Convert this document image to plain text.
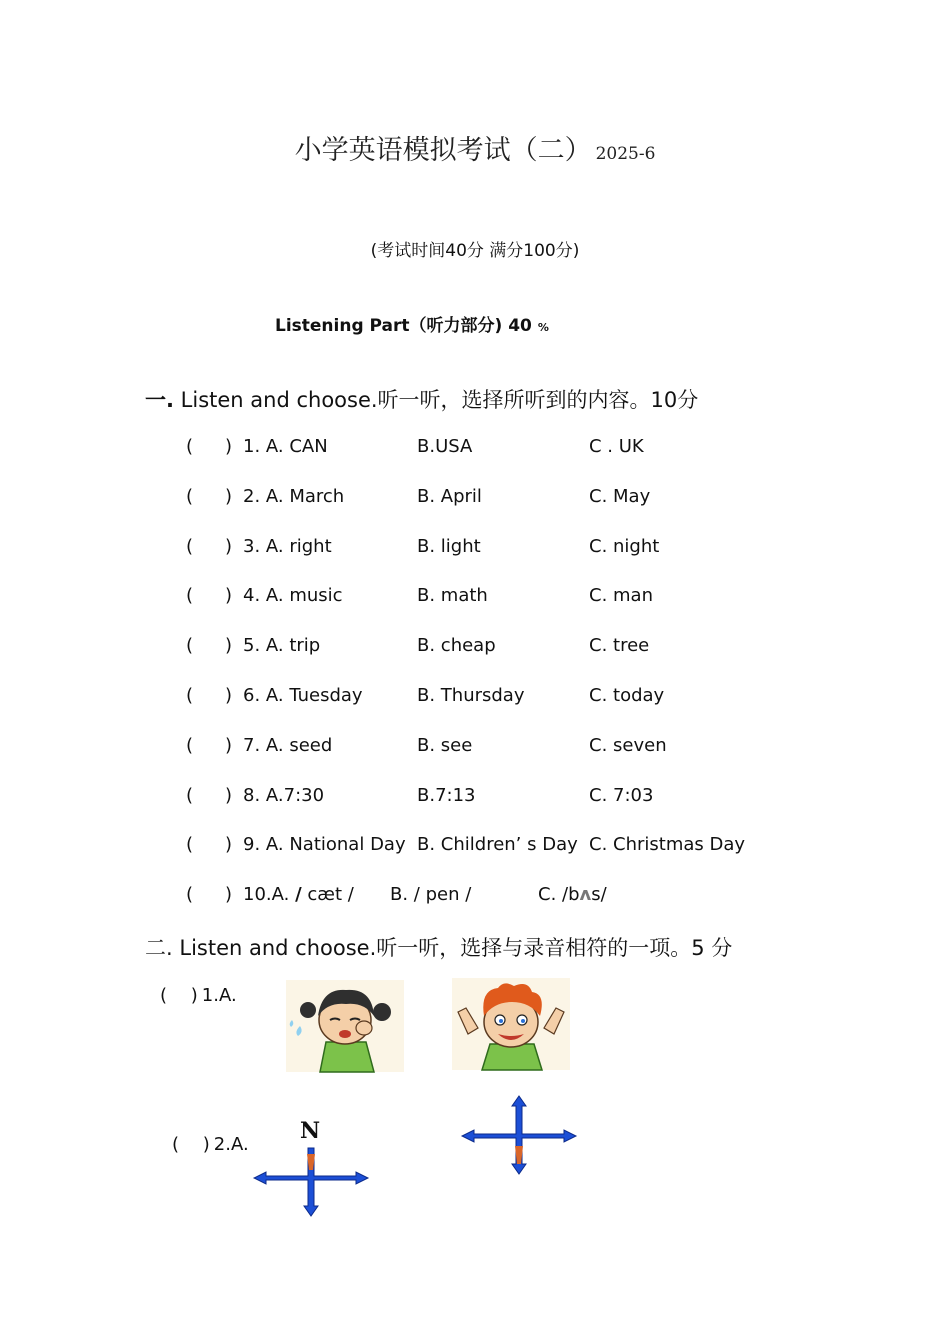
小学英语模拟考试（二） 2025-6
(考试时间40分 满分100分)
Listening Part（听力部分) 40 %
一. Listen and choose.听一听，选择所听到的内容。10分
( ) 1. A. CAN	B.USA	C . UK
( ) 2. A. March	B. April	C. May
( ) 3. A. right	B. light	C. night
( ) 4. A. music	B. math	C. man
( ) 5. A. trip	B. cheap	C. tree
( ) 6. A. Tuesday	B. Thursday	C. today
( ) 7. A. seed	B. see	C. seven
( ) 8. A.7:30	B.7:13	C. 7:03
( ) 9. A. National Day B. Children’ s Day C. Christmas Day
( ) 10.A. / cæt / B. / pen /	C. /bʌs/
二. Listen and choose.听一听，选择与录音相符的一项。5 分
( ) 1.A.
( ) 2.A.
N
